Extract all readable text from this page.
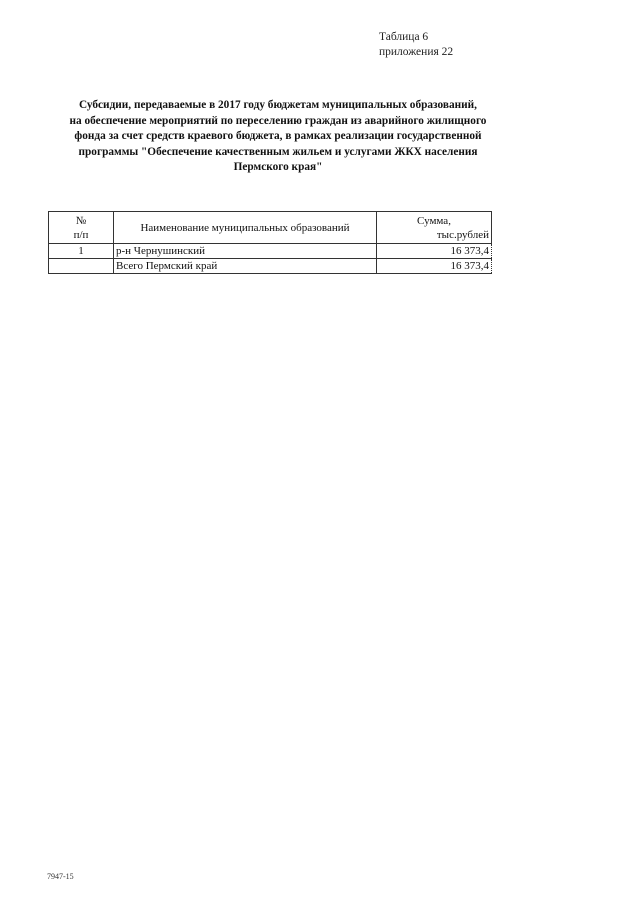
Таблица 6
приложения 22
Субсидии, передаваемые в 2017 году бюджетам муниципальных образований,
на обеспечение мероприятий по переселению граждан из аварийного жилищного
фонда за счет средств краевого бюджета, в рамках реализации государственной
программы "Обеспечение качественным жильем и услугами ЖКХ населения
Пермского края"
№
п/п	Наименование муниципальных образований	Сумма,
тыс.рублей

1	р-н Чернушинский	16 373,4
	Всего Пермский край	16 373,4
7947-15
